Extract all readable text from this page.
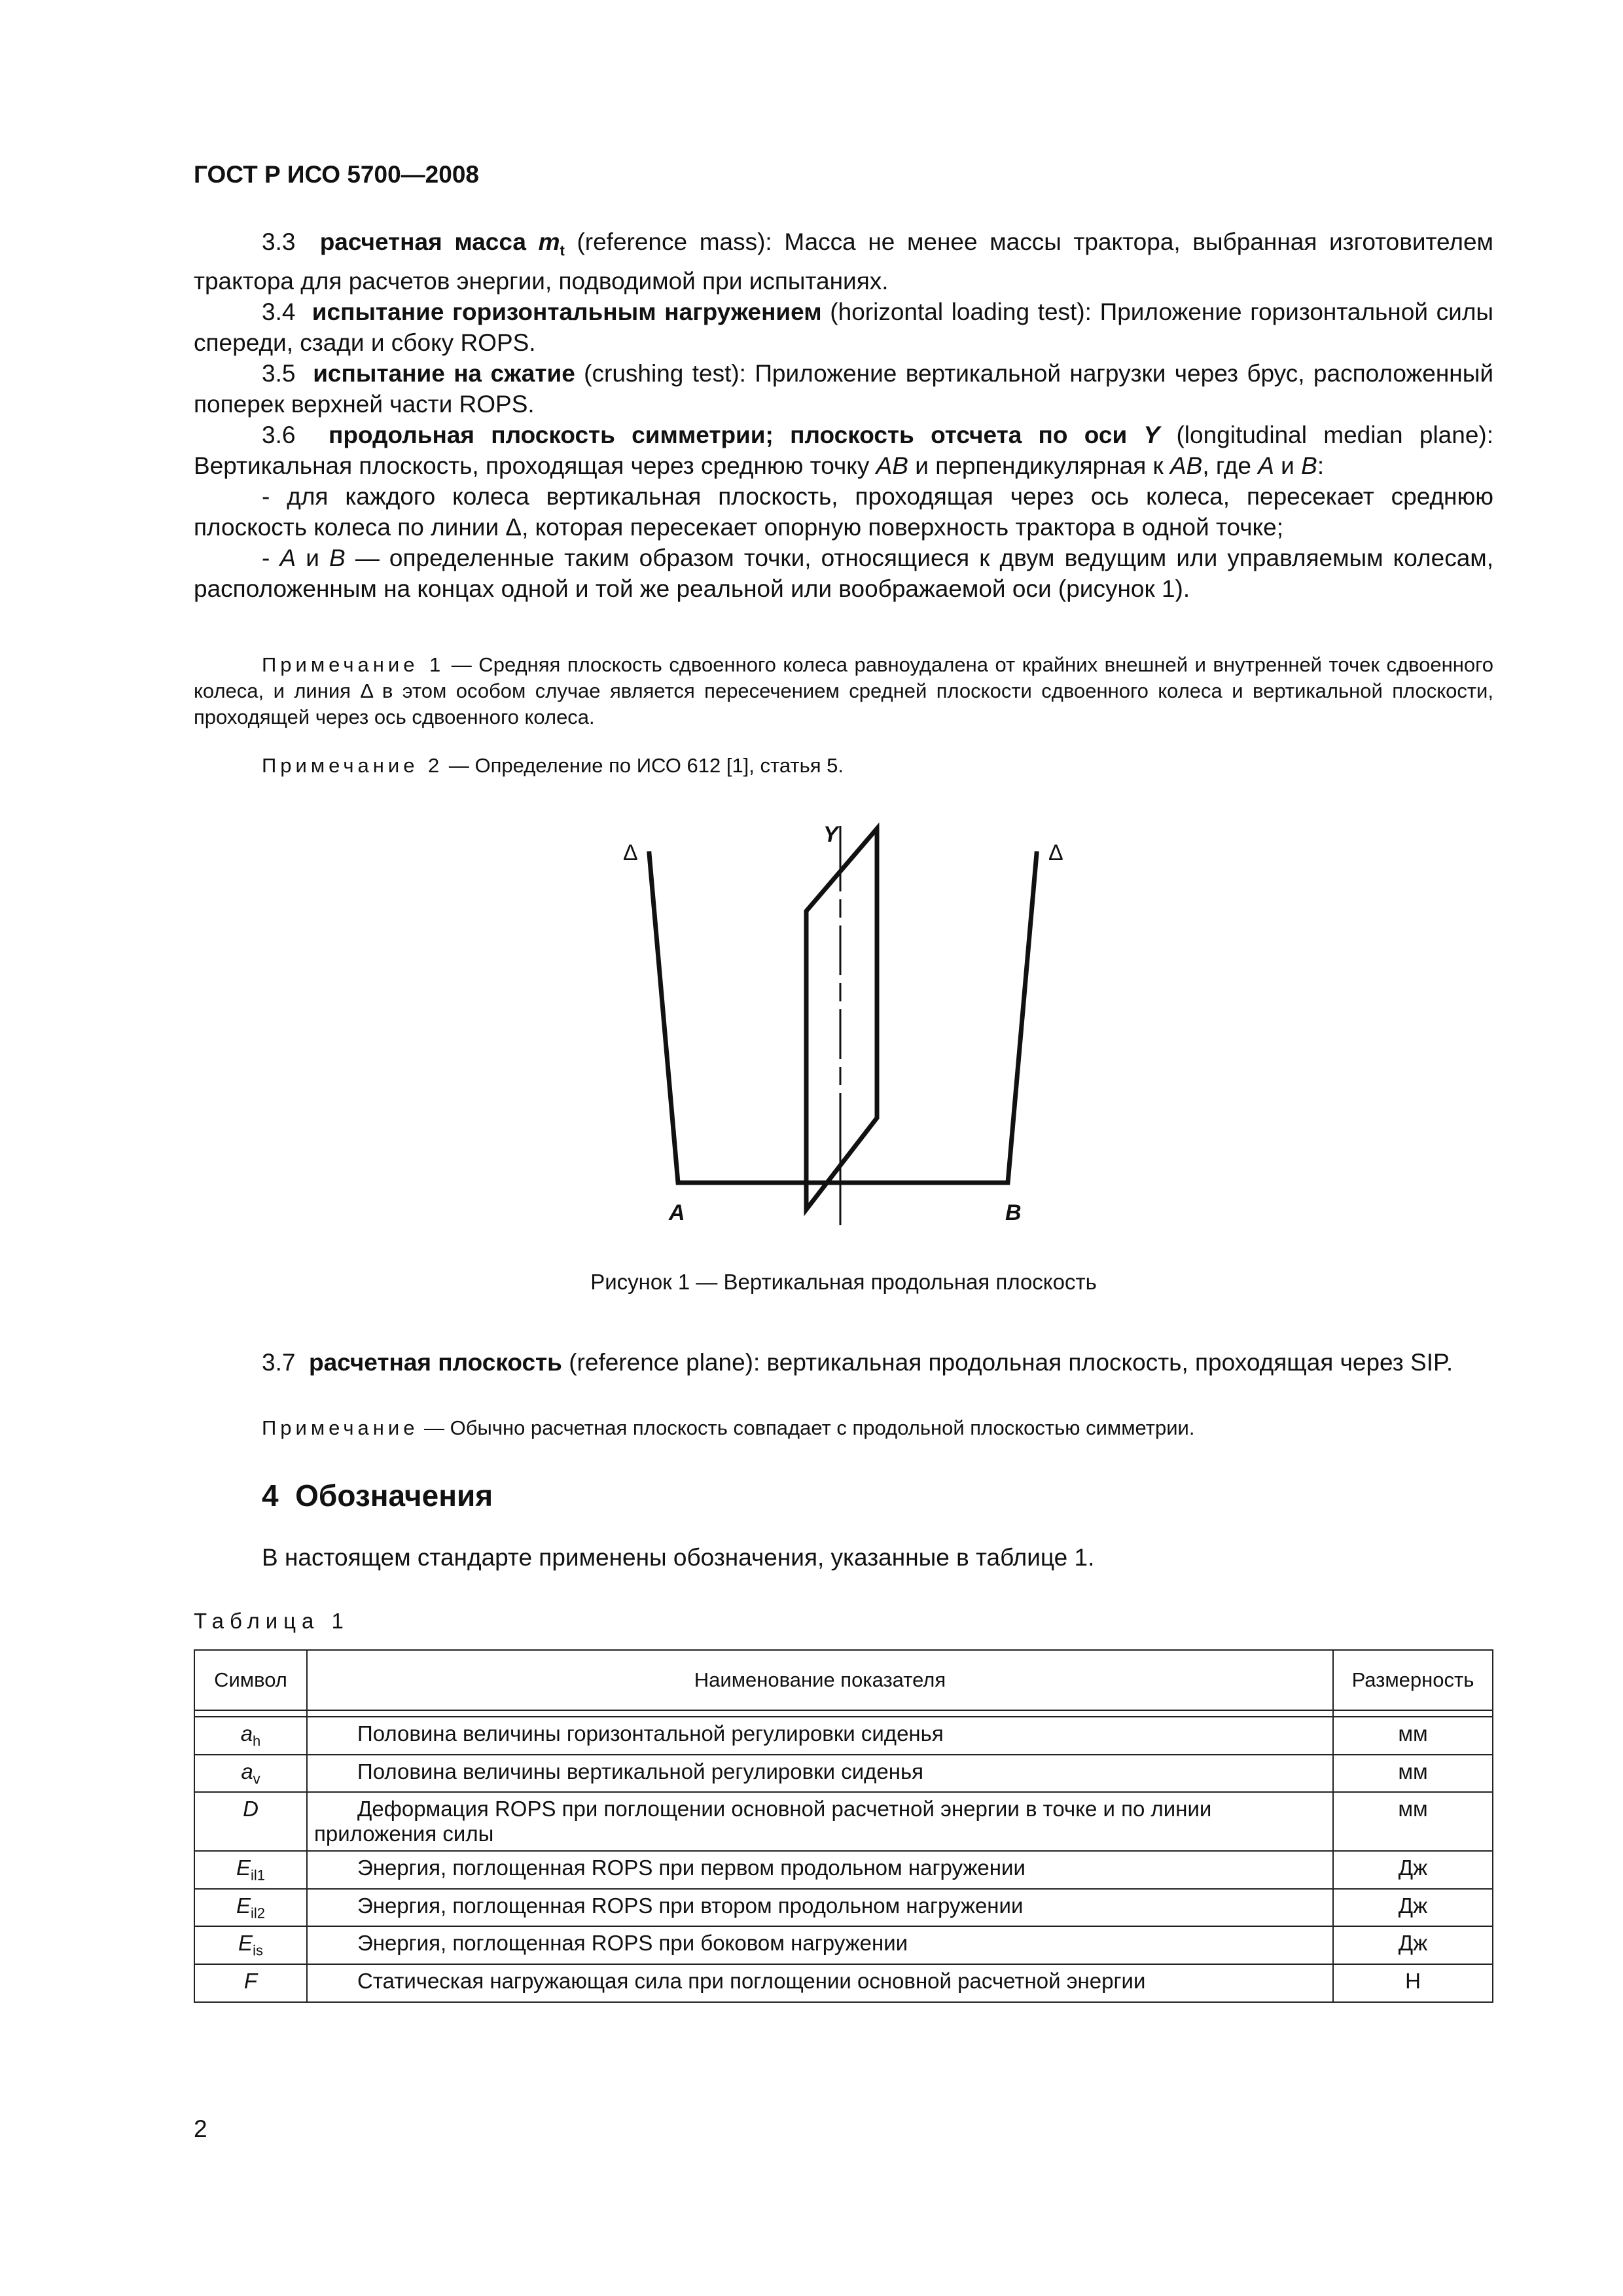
ГОСТ Р ИСО 5700—2008

3.3 расчетная масса $m_t$ (reference mass): Масса не менее массы трактора, выбранная изготовителем трактора для расчетов энергии, подводимой при испытаниях.

3.4 испытание горизонтальным нагружением (horizontal loading test): Приложение горизонтальной силы спереди, сзади и сбоку ROPS.

3.5 испытание на сжатие (crushing test): Приложение вертикальной нагрузки через брус, расположенный поперек верхней части ROPS.

3.6 продольная плоскость симметрии; плоскость отсчета по оси Y (longitudinal median plane): Вертикальная плоскость, проходящая через среднюю точку AB и перпендикулярная к AB, где A и B:

- для каждого колеса вертикальная плоскость, проходящая через ось колеса, пересекает среднюю плоскость колеса по линии Δ, которая пересекает опорную поверхность трактора в одной точке;

- A и B — определенные таким образом точки, относящиеся к двум ведущим или управляемым колесам, расположенным на концах одной и той же реальной или воображаемой оси (рисунок 1).

Примечание 1 — Средняя плоскость сдвоенного колеса равноудалена от крайних внешней и внутренней точек сдвоенного колеса, и линия Δ в этом особом случае является пересечением средней плоскости сдвоенного колеса и вертикальной плоскости, проходящей через ось сдвоенного колеса.

Примечание 2 — Определение по ИСО 612 [1], статья 5.

Δ	Δ
Y
A	B
Рисунок 1 — Вертикальная продольная плоскость

3.7 расчетная плоскость (reference plane): вертикальная продольная плоскость, проходящая через SIP.

Примечание — Обычно расчетная плоскость совпадает с продольной плоскостью симметрии.

4  Обозначения

В настоящем стандарте применены обозначения, указанные в таблице 1.

Таблица 1
Символ	Наименование показателя	Размерность

$a_h$	Половина величины горизонтальной регулировки сиденья	мм
$a_v$	Половина величины вертикальной регулировки сиденья	мм
D	Деформация ROPS при поглощении основной расчетной энергии в точке и по линии приложения силы	мм
$E_{il1}$	Энергия, поглощенная ROPS при первом продольном нагружении	Дж
$E_{il2}$	Энергия, поглощенная ROPS при втором продольном нагружении	Дж
$E_{is}$	Энергия, поглощенная ROPS при боковом нагружении	Дж
F	Статическая нагружающая сила при поглощении основной расчетной энергии	Н
2
